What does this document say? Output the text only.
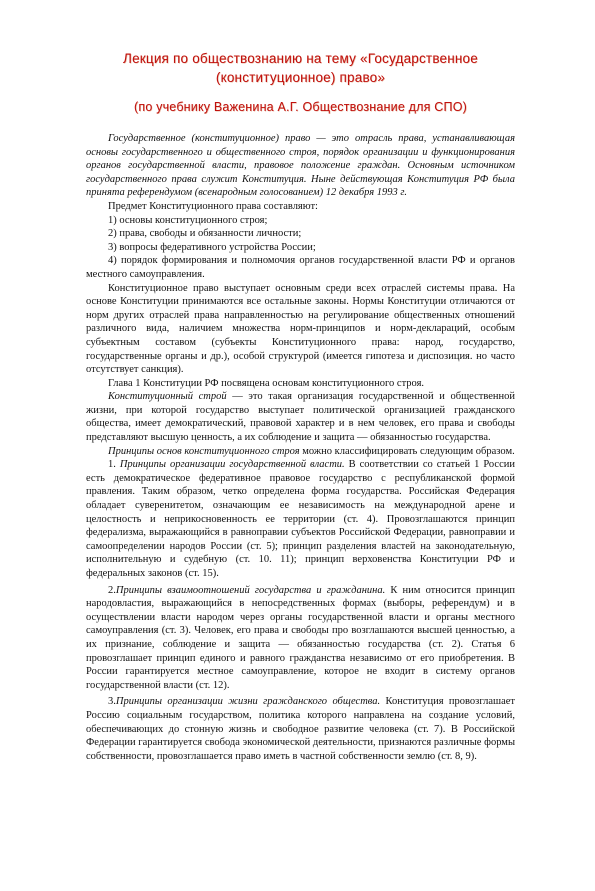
Лекция по обществознанию на тему «Государственное (конституционное) право»
(по учебнику Важенина А.Г. Обществознание для СПО)

Государственное (конституционное) право — это отрасль права, устанавливающая основы государственного и общественного строя, порядок организации и функционирования органов государственной власти, правовое положение граждан. Основным источником государственного права служит Конституция. Ныне действующая Конституция РФ была принята референдумом (всенародным голосованием) 12 декабря 1993 г.

Предмет Конституционного права составляют:

1) основы конституционного строя;

2) права, свободы и обязанности личности;

3) вопросы федеративного устройства России;

4) порядок формирования и полномочия органов государственной власти РФ и органов местного самоуправления.

Конституционное право выступает основным среди всех отраслей системы права. На основе Конституции принимаются все остальные законы. Нормы Конституции отличаются от норм других отраслей права направленностью на регулирование общественных отношений различного вида, наличием множества норм-принципов и норм-деклараций, особым субъектным составом (субъекты Конституционного права: народ, государство, государственные органы и др.), особой структурой (имеется гипотеза и диспозиция. но часто отсутствует санкция).

Глава 1 Конституции РФ посвящена основам конституционного строя.

Конституционный строй — это такая организация государственной и общественной жизни, при которой государство выступает политической организацией гражданского общества, имеет демократический, правовой характер и в нем человек, его права и свободы представляют высшую ценность, а их соблюдение и защита — обязанностью государства.

Принципы основ конституционного строя можно классифицировать следующим образом.

1. Принципы организации государственной власти. В соответствии со статьей 1 России есть демократическое федеративное правовое государство с республиканской формой правления. Таким образом, четко определена форма государства. Российская Федерация обладает суверенитетом, означающим ее независимость на международной арене и целостность и неприкосновенность ее территории (ст. 4). Провозглашаются принцип федерализма, выражающийся в равноправии субъектов Российской Федерации, равноправии и самоопределении народов России (ст. 5); принцип разделения властей на законодательную, исполнительную и судебную (ст. 10. 11); принцип верховенства Конституции РФ и федеральных законов (ст. 15).

2.Принципы взаимоотношений государства и гражданина. К ним относится принцип народовластия, выражающийся в непосредственных формах (выборы, референдум) и в осуществлении власти народом через органы государственной власти и органы местного самоуправления (ст. 3). Человек, его права и свободы про возглашаются высшей ценностью, а их признание, соблюдение и защита — обязанностью государства (ст. 2). Статья 6 провозглашает принцип единого и равного гражданства независимо от его приобретения. В России гарантируется местное самоуправление, которое не входит в систему органов государственной власти (ст. 12).

3.Принципы организации жизни гражданского общества. Конституция провозглашает Россию социальным государством, политика которого направлена на создание условий, обеспечивающих до стонную жизнь и свободное развитие человека (ст. 7). В Российской Федерации гарантируется свобода экономической деятельности, признаются различные формы собственности, провозглашается право иметь в частной собственности землю (ст. 8, 9).
